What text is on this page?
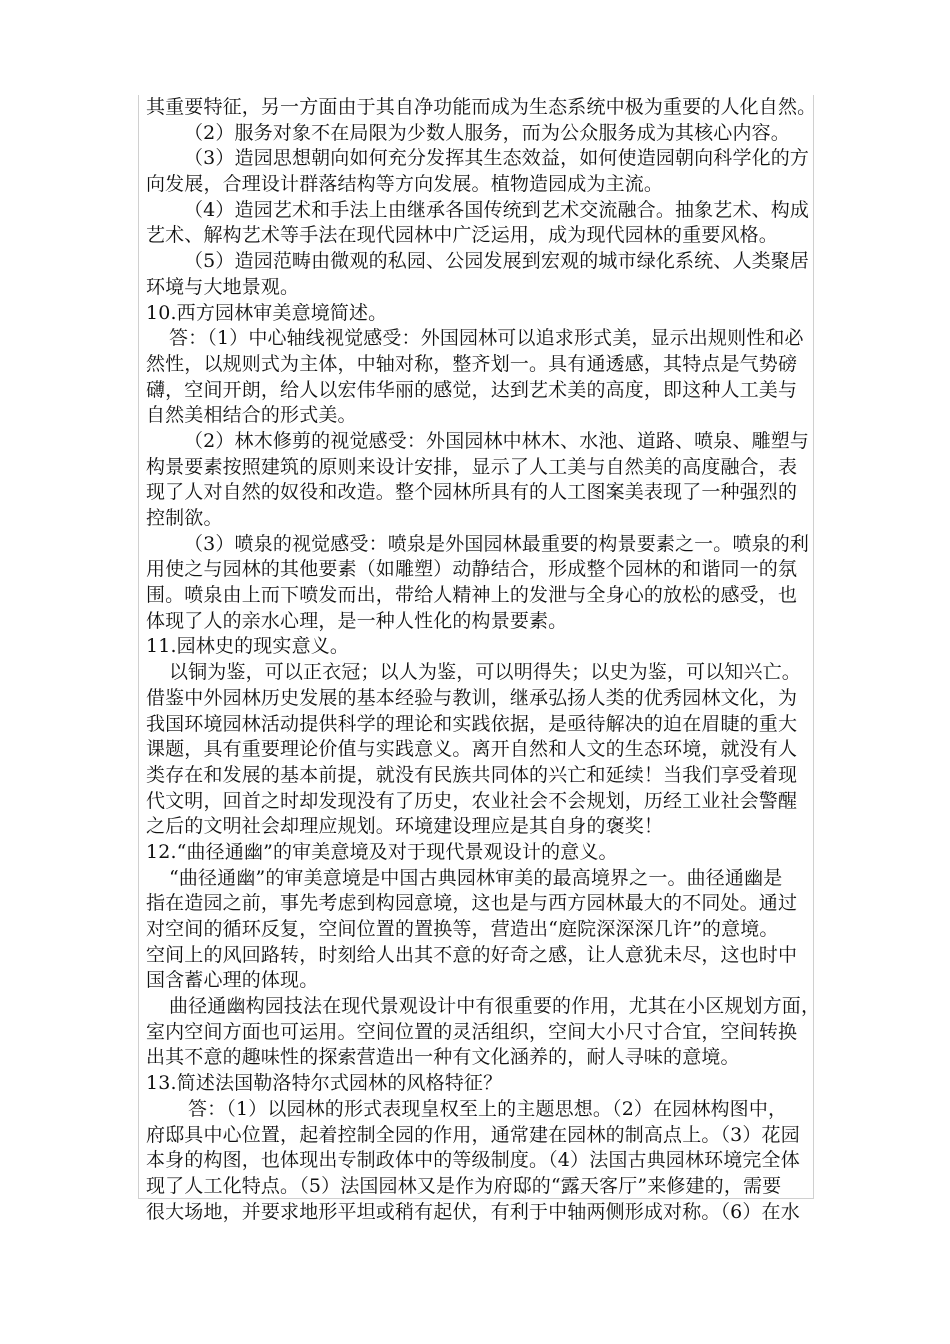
其重要特征，另一方面由于其自净功能而成为生态系统中极为重要的人化自然。
（2）服务对象不在局限为少数人服务，而为公众服务成为其核心内容。
（3）造园思想朝向如何充分发挥其生态效益，如何使造园朝向科学化的方
向发展，合理设计群落结构等方向发展。植物造园成为主流。
（4）造园艺术和手法上由继承各国传统到艺术交流融合。抽象艺术、构成
艺术、解构艺术等手法在现代园林中广泛运用，成为现代园林的重要风格。
（5）造园范畴由微观的私园、公园发展到宏观的城市绿化系统、人类聚居
环境与大地景观。
10.西方园林审美意境简述。
答：（1）中心轴线视觉感受：外国园林可以追求形式美，显示出规则性和必
然性，以规则式为主体，中轴对称，整齐划一。具有通透感，其特点是气势磅
礴，空间开朗，给人以宏伟华丽的感觉，达到艺术美的高度，即这种人工美与
自然美相结合的形式美。
（2）林木修剪的视觉感受：外国园林中林木、水池、道路、喷泉、雕塑与
构景要素按照建筑的原则来设计安排，显示了人工美与自然美的高度融合，表
现了人对自然的奴役和改造。整个园林所具有的人工图案美表现了一种强烈的
控制欲。
（3）喷泉的视觉感受：喷泉是外国园林最重要的构景要素之一。喷泉的利
用使之与园林的其他要素（如雕塑）动静结合，形成整个园林的和谐同一的氛
围。喷泉由上而下喷发而出，带给人精神上的发泄与全身心的放松的感受，也
体现了人的亲水心理，是一种人性化的构景要素。
11.园林史的现实意义。
以铜为鉴，可以正衣冠；以人为鉴，可以明得失；以史为鉴，可以知兴亡。
借鉴中外园林历史发展的基本经验与教训，继承弘扬人类的优秀园林文化，为
我国环境园林活动提供科学的理论和实践依据，是亟待解决的迫在眉睫的重大
课题，具有重要理论价值与实践意义。离开自然和人文的生态环境，就没有人
类存在和发展的基本前提，就没有民族共同体的兴亡和延续！当我们享受着现
代文明，回首之时却发现没有了历史，农业社会不会规划，历经工业社会警醒
之后的文明社会却理应规划。环境建设理应是其自身的褒奖！
12.“曲径通幽”的审美意境及对于现代景观设计的意义。
“曲径通幽”的审美意境是中国古典园林审美的最高境界之一。曲径通幽是
指在造园之前，事先考虑到构园意境，这也是与西方园林最大的不同处。通过
对空间的循环反复，空间位置的置换等，营造出“庭院深深深几许”的意境。
空间上的风回路转，时刻给人出其不意的好奇之感，让人意犹未尽，这也时中
国含蓄心理的体现。
曲径通幽构园技法在现代景观设计中有很重要的作用，尤其在小区规划方面，
室内空间方面也可运用。空间位置的灵活组织，空间大小尺寸合宜，空间转换
出其不意的趣味性的探索营造出一种有文化涵养的，耐人寻味的意境。
13.简述法国勒洛特尔式园林的风格特征？
答：（1）以园林的形式表现皇权至上的主题思想。（2）在园林构图中，
府邸具中心位置，起着控制全园的作用，通常建在园林的制高点上。（3）花园
本身的构图，也体现出专制政体中的等级制度。（4）法国古典园林环境完全体
现了人工化特点。（5）法国园林又是作为府邸的“露天客厅”来修建的，需要
很大场地，并要求地形平坦或稍有起伏，有利于中轴两侧形成对称。（6）在水
